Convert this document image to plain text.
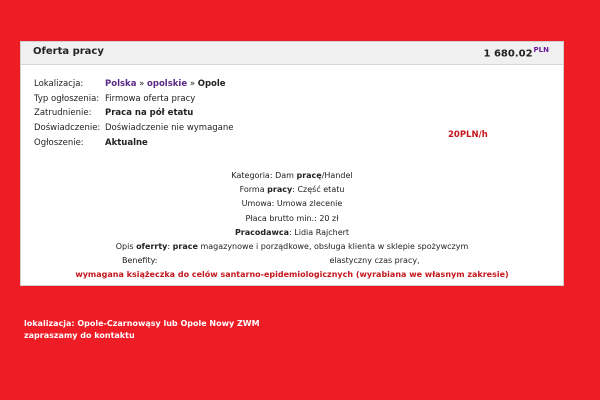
Oferta pracy	1 $680.02^{PLN}$
Lokalizacja:	Polska » opolskie » Opole
Typ ogłoszenia: Firmowa oferta pracy
Zatrudnienie:	Praca na pół etatu
Doświadczenie: Doświadczenie nie wymagane
Ogłoszenie:	Aktualne
20PLN/h
Kategoria: Dam pracę/Handel
Forma pracy: Część etatu
Umowa: Umowa zlecenie
Płaca brutto min.: 20 zł
Pracodawca: Lidia Rajchert
Opis oferrty: prace magazynowe i porządkowe, obsługa klienta w sklepie spożywczym
Benefity:	elastyczny czas pracy,
wymagana książeczka do celów santarno-epidemiologicznych (wyrabiana we własnym zakresie)
lokalizacja: Opole-Czarnowąsy lub Opole Nowy ZWM
zapraszamy do kontaktu
